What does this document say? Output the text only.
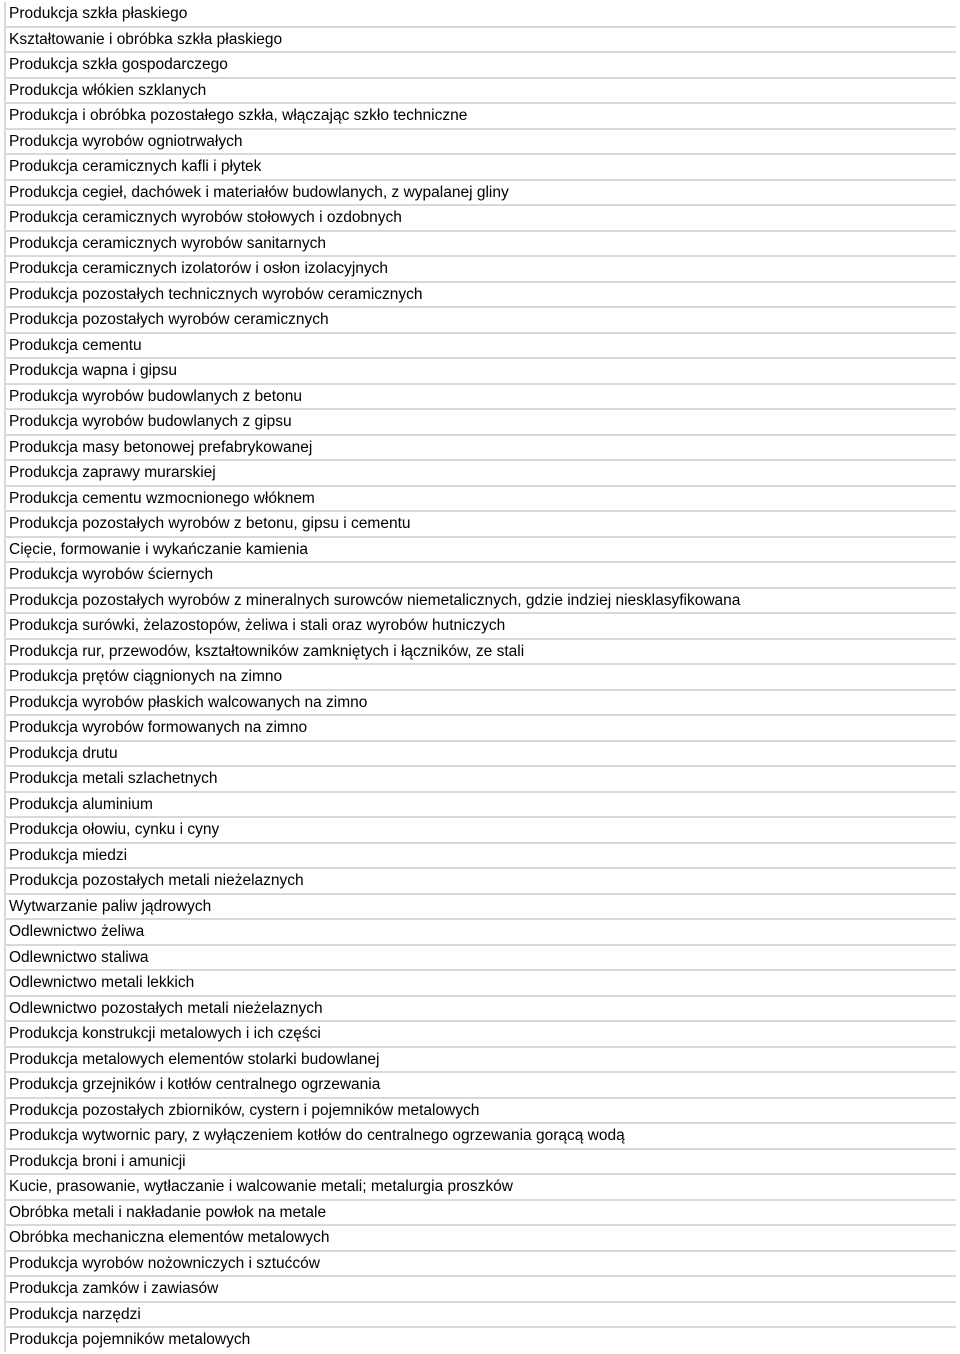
Produkcja szkła płaskiego
Kształtowanie i obróbka szkła płaskiego
Produkcja szkła gospodarczego
Produkcja włókien szklanych
Produkcja i obróbka pozostałego szkła, włączając szkło techniczne
Produkcja wyrobów ogniotrwałych
Produkcja ceramicznych kafli i płytek
Produkcja cegieł, dachówek i materiałów budowlanych, z wypalanej gliny
Produkcja ceramicznych wyrobów stołowych i ozdobnych
Produkcja ceramicznych wyrobów sanitarnych
Produkcja ceramicznych izolatorów i osłon izolacyjnych
Produkcja pozostałych technicznych wyrobów ceramicznych
Produkcja pozostałych wyrobów ceramicznych
Produkcja cementu
Produkcja wapna i gipsu
Produkcja wyrobów budowlanych z betonu
Produkcja wyrobów budowlanych z gipsu
Produkcja masy betonowej prefabrykowanej
Produkcja zaprawy murarskiej
Produkcja cementu wzmocnionego włóknem
Produkcja pozostałych wyrobów z betonu, gipsu i cementu
Cięcie, formowanie i wykańczanie kamienia
Produkcja wyrobów ściernych
Produkcja pozostałych wyrobów z mineralnych surowców niemetalicznych, gdzie indziej niesklasyfikowana
Produkcja surówki, żelazostopów, żeliwa i stali oraz wyrobów hutniczych
Produkcja rur, przewodów, kształtowników zamkniętych i łączników, ze stali
Produkcja prętów ciągnionych na zimno
Produkcja wyrobów płaskich walcowanych na zimno
Produkcja wyrobów formowanych na zimno
Produkcja drutu
Produkcja metali szlachetnych
Produkcja aluminium
Produkcja ołowiu, cynku i cyny
Produkcja miedzi
Produkcja pozostałych metali nieżelaznych
Wytwarzanie paliw jądrowych
Odlewnictwo żeliwa
Odlewnictwo staliwa
Odlewnictwo metali lekkich
Odlewnictwo pozostałych metali nieżelaznych
Produkcja konstrukcji metalowych i ich części
Produkcja metalowych elementów stolarki budowlanej
Produkcja grzejników i kotłów centralnego ogrzewania
Produkcja pozostałych zbiorników, cystern i pojemników metalowych
Produkcja wytwornic pary, z wyłączeniem kotłów do centralnego ogrzewania gorącą wodą
Produkcja broni i amunicji
Kucie, prasowanie, wytłaczanie i walcowanie metali; metalurgia proszków
Obróbka metali i nakładanie powłok na metale
Obróbka mechaniczna elementów metalowych
Produkcja wyrobów nożowniczych i sztućców
Produkcja zamków i zawiasów
Produkcja narzędzi
Produkcja pojemników metalowych
